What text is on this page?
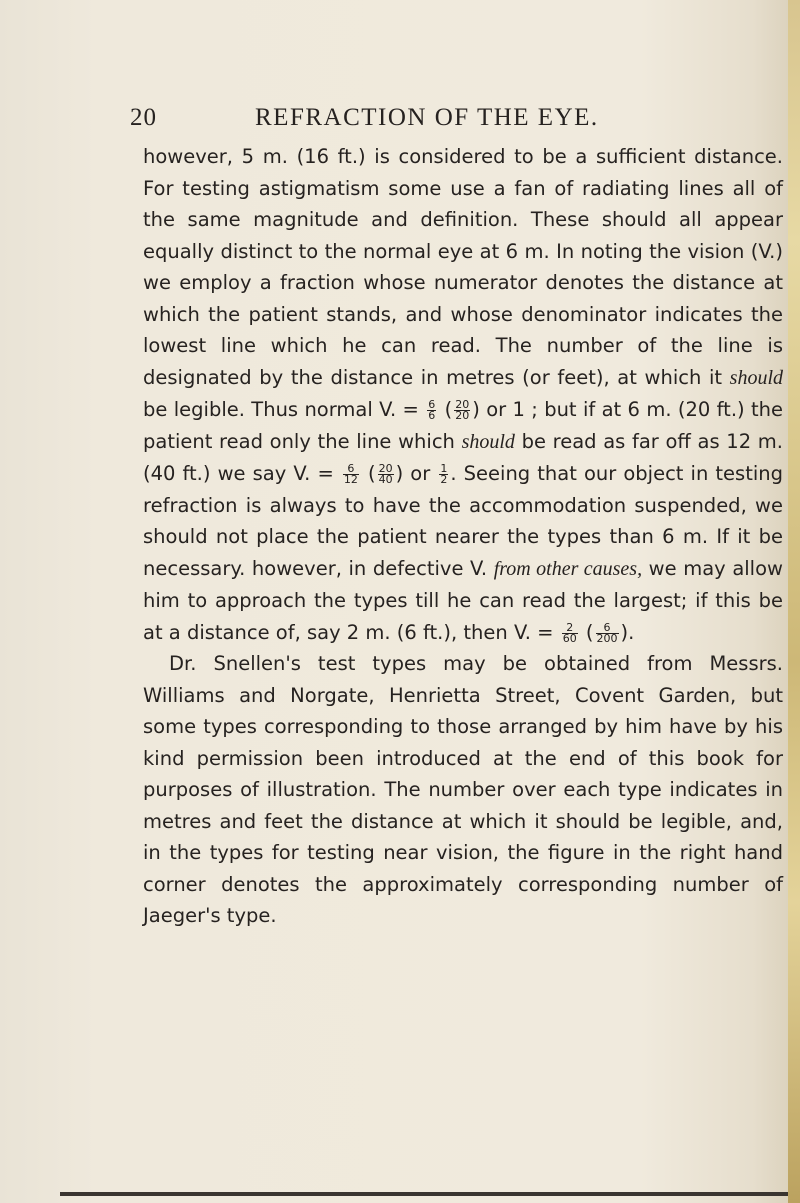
20	REFRACTION OF THE EYE.

however, 5 m. (16 ft.) is considered to be a sufficient distance. For testing astigmatism some use a fan of radiating lines all of the same magnitude and definition. These should all appear equally distinct to the normal eye at 6 m. In noting the vision (V.) we employ a fraction whose numerator denotes the distance at which the patient stands, and whose denominator indicates the lowest line which he can read. The number of the line is designated by the distance in metres (or feet), at which it should be legible. Thus normal V. = $\frac{6}{6}$ ( $\frac{20}{20}$ ) or 1 ; but if at 6 m. (20 ft.) the patient read only the line which should be read as far off as 12 m. (40 ft.) we say V. = $\frac{6}{12}$ ( $\frac{20}{40}$ ) or $\frac{1}{2}$ . Seeing that our object in testing refraction is always to have the accommodation suspended, we should not place the patient nearer the types than 6 m. If it be necessary. however, in defective V. from other causes, we may allow him to approach the types till he can read the largest; if this be at a distance of, say 2 m. (6 ft.), then V. = $\frac{2}{60}$ ( $\frac{6}{200}$ ).

Dr. Snellen's test types may be obtained from Messrs. Williams and Norgate, Henrietta Street, Covent Garden, but some types corresponding to those arranged by him have by his kind permission been introduced at the end of this book for purposes of illustration. The number over each type indicates in metres and feet the distance at which it should be legible, and, in the types for testing near vision, the figure in the right hand corner denotes the approximately corresponding number of Jaeger's type.
